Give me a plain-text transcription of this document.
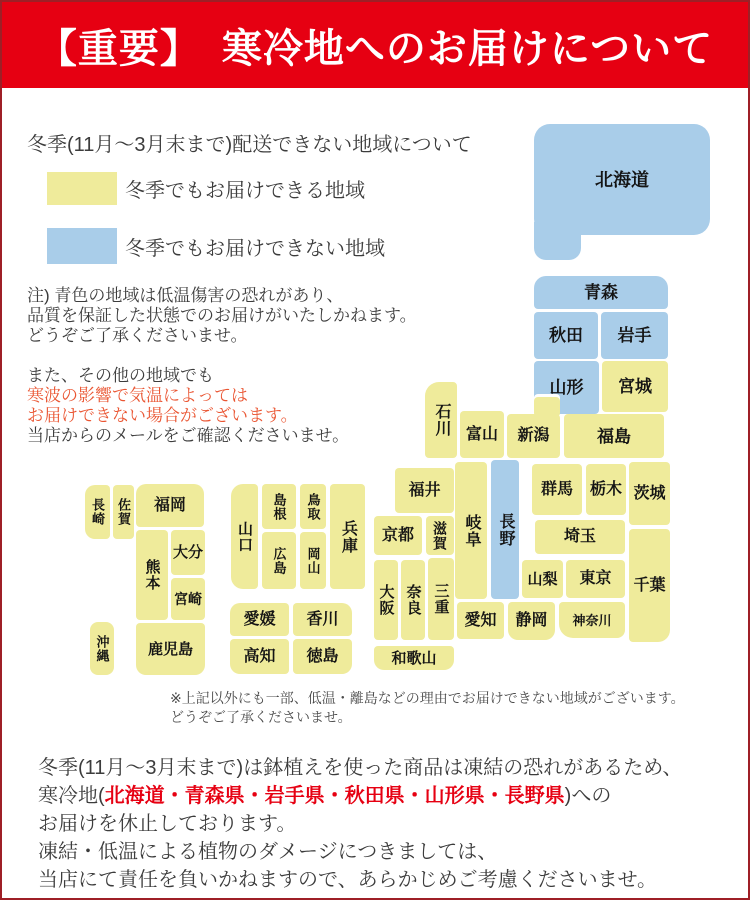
【重要】　寒冷地へのお届けについて
冬季(11月〜3月末まで)配送できない地域について
冬季でもお届けできる地域
冬季でもお届けできない地域
注) 青色の地域は低温傷害の恐れがあり、
品質を保証した状態でのお届けがいたしかねます。
どうぞご了承くださいませ。
また、その他の地域でも
寒波の影響で気温によっては
お届けできない場合がございます。
当店からのメールをご確認くださいませ。
北海道
青森
秋田	岩手
山形	宮城
新潟	福島
石川 富山
長野
岐阜
群馬	栃木 茨城
埼玉
山梨	東京	千葉
神奈川
静岡
愛知
福井
京都	滋賀
大阪 奈良 三重
和歌山
兵庫
鳥取
島根
岡山
広島
山口
愛媛	香川
高知	徳島
福岡
佐賀
長崎
熊本
大分
宮崎
鹿児島
沖縄
※上記以外にも一部、低温・離島などの理由でお届けできない地域がございます。
どうぞご了承くださいませ。
冬季(11月〜3月末まで)は鉢植えを使った商品は凍結の恐れがあるため、
寒冷地(北海道・青森県・岩手県・秋田県・山形県・長野県)への
お届けを休止しております。
凍結・低温による植物のダメージにつきましては、
当店にて責任を負いかねますので、あらかじめご考慮くださいませ。
